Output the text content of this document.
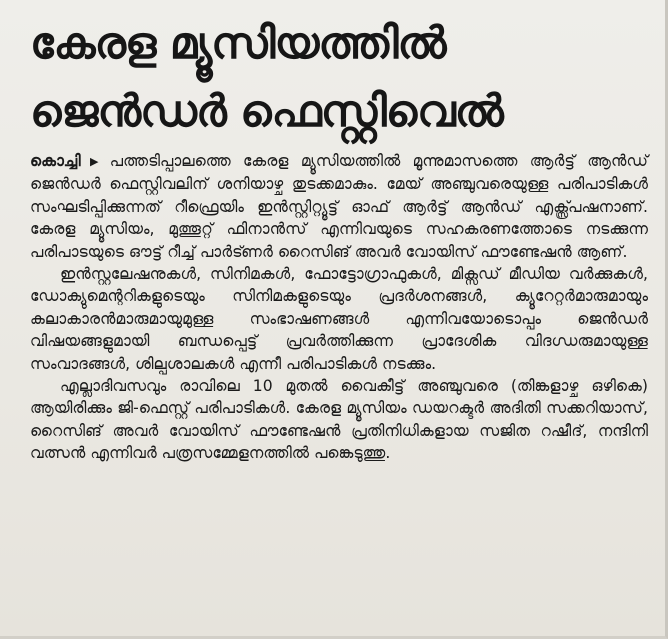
കേരള മ്യൂസിയത്തിൽ
ജെൻഡർ ഫെസ്റ്റിവെൽ

കൊച്ചി ▶ പത്തടിപ്പാലത്തെ കേരള മ്യൂസിയത്തിൽ മൂന്നുമാസത്തെ ആർട്ട് ആൻഡ് ജെൻഡർ ഫെസ്റ്റിവലിന് ശനിയാഴ്ച തുടക്കമാകും. മേയ് അഞ്ചുവരെയുള്ള പരിപാടികൾ സംഘടിപ്പിക്കുന്നത് റീഫ്രെയിം ഇൻസ്റ്റിറ്റ്യൂട്ട് ഓഫ് ആർട്ട് ആൻഡ് എക്സ്പ്രഷനാണ്. കേരള മ്യൂസിയം, മുത്തൂറ്റ് ഫിനാൻസ് എന്നിവയുടെ സഹകരണത്തോടെ നടക്കുന്ന പരിപാടയുടെ ഔട്ട് റീച്ച് പാർട്ണർ റൈസിങ് അവർ വോയിസ് ഫൗണ്ടേഷൻ ആണ്.

ഇൻസ്റ്റലേഷനുകൾ, സിനിമകൾ, ഫോട്ടോഗ്രാഫുകൾ, മിക്സഡ് മീഡിയ വർക്കുകൾ, ഡോക്യുമെന്ററികളുടെയും സിനിമകളുടെയും പ്രദർശനങ്ങൾ, ക്യൂറേറ്റർമാരുമായും കലാകാരൻമാരുമായുമുള്ള സംഭാഷണങ്ങൾ എന്നിവയോടൊപ്പം ജെൻഡർ വിഷയങ്ങളുമായി ബന്ധപ്പെട്ട് പ്രവർത്തിക്കുന്ന പ്രാദേശിക വിദഗ്ധരുമായുള്ള സംവാദങ്ങൾ, ശില്പശാലകൾ എന്നീ പരിപാടികൾ നടക്കും.

എല്ലാദിവസവും രാവിലെ 10 മുതൽ വൈകീട്ട് അഞ്ചുവരെ (തിങ്കളാഴ്ച ഒഴികെ) ആയിരിക്കും ജി-ഫെസ്റ്റ് പരിപാടികൾ. കേരള മ്യൂസിയം ഡയറക്ടർ അദിതി സക്കറിയാസ്, റൈസിങ് അവർ വോയിസ് ഫൗണ്ടേഷൻ പ്രതിനിധികളായ സജിത റഷീദ്, നന്ദിനി വത്സൻ എന്നിവർ പത്രസമ്മേളനത്തിൽ പങ്കെടുത്തു.
